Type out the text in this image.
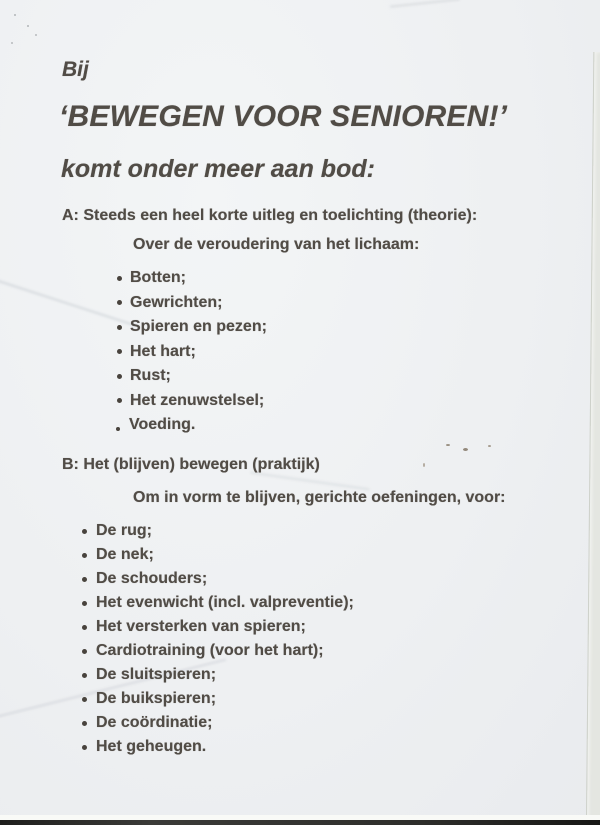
Bij
‘BEWEGEN VOOR SENIOREN!’
komt onder meer aan bod:
A: Steeds een heel korte uitleg en toelichting (theorie):
Over de veroudering van het lichaam:
Botten;
Gewrichten;
Spieren en pezen;
Het hart;
Rust;
Het zenuwstelsel;
Voeding.
B: Het (blijven) bewegen (praktijk)
Om in vorm te blijven, gerichte oefeningen, voor:
De rug;
De nek;
De schouders;
Het evenwicht (incl. valpreventie);
Het versterken van spieren;
Cardiotraining (voor het hart);
De sluitspieren;
De buikspieren;
De coördinatie;
Het geheugen.
